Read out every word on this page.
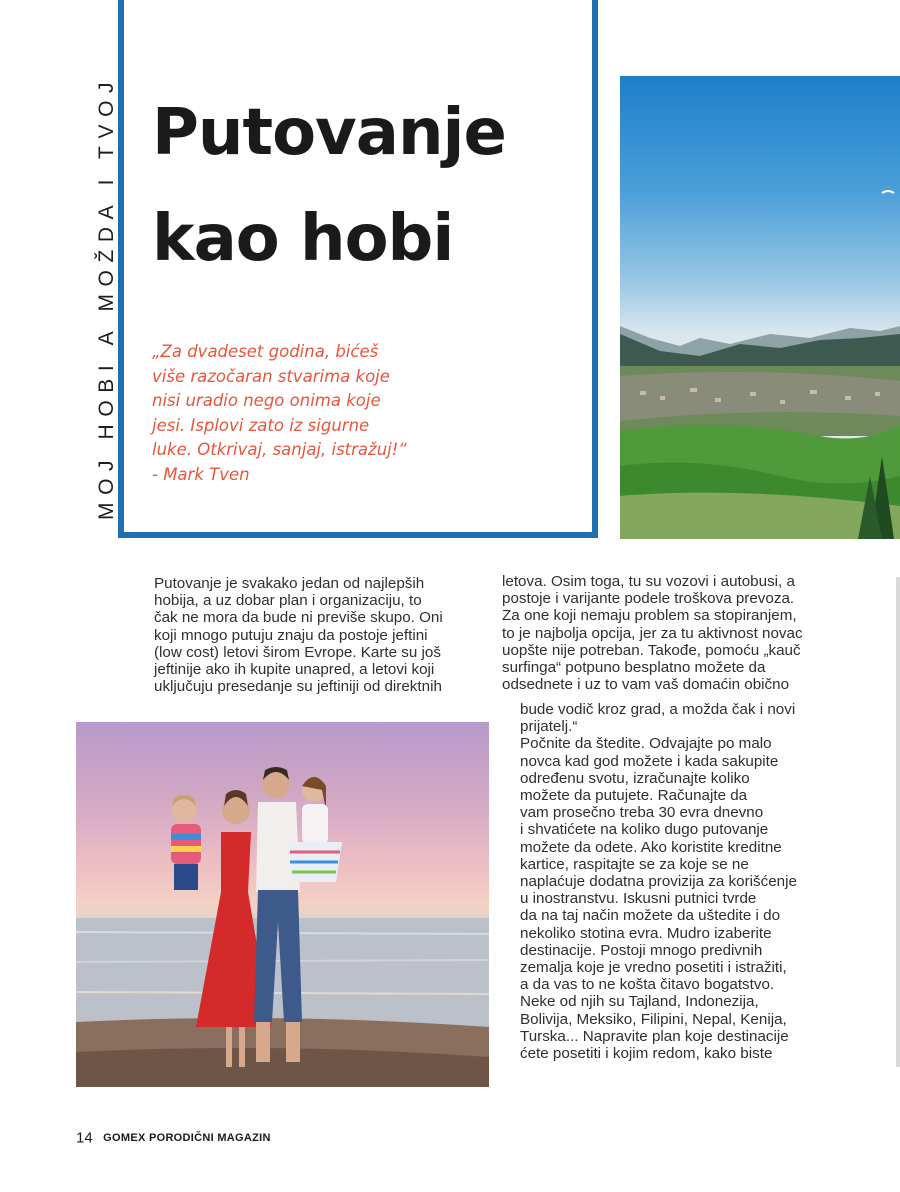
MOJ HOBI A MOŽDA I TVOJ Putovanje
kao hobi
„Za dvadeset godina, bićeš
više razočaran stvarima koje
nisi uradio nego onima koje
jesi. Isplovi zato iz sigurne
luke. Otkrivaj, sanjaj, istražuj!“
- Mark Tven
Putovanje je svakako jedan od najlepših
hobija, a uz dobar plan i organizaciju, to
čak ne mora da bude ni previše skupo. Oni
koji mnogo putuju znaju da postoje jeftini
(low cost) letovi širom Evrope. Karte su još
jeftinije ako ih kupite unapred, a letovi koji
uključuju presedanje su jeftiniji od direktnih
letova. Osim toga, tu su vozovi i autobusi, a
postoje i varijante podele troškova prevoza.
Za one koji nemaju problem sa stopiranjem,
to je najbolja opcija, jer za tu aktivnost novac
uopšte nije potreban. Takođe, pomoću „kauč
surfinga“ potpuno besplatno možete da
odsednete i uz to vam vaš domaćin obično
bude vodič kroz grad, a možda čak i novi
prijatelj.“
Počnite da štedite. Odvajajte po malo
novca kad god možete i kada sakupite
određenu svotu, izračunajte koliko
možete da putujete. Računajte da
vam prosečno treba 30 evra dnevno
i shvatićete na koliko dugo putovanje
možete da odete. Ako koristite kreditne
kartice, raspitajte se za koje se ne
naplaćuje dodatna provizija za korišćenje
u inostranstvu. Iskusni putnici tvrde
da na taj način možete da uštedite i do
nekoliko stotina evra. Mudro izaberite
destinacije. Postoji mnogo predivnih
zemalja koje je vredno posetiti i istražiti,
a da vas to ne košta čitavo bogatstvo.
Neke od njih su Tajland, Indonezija,
Bolivija, Meksiko, Filipini, Nepal, Kenija,
Turska... Napravite plan koje destinacije
ćete posetiti i kojim redom, kako biste
14 GOMEX PORODIČNI MAGAZIN
